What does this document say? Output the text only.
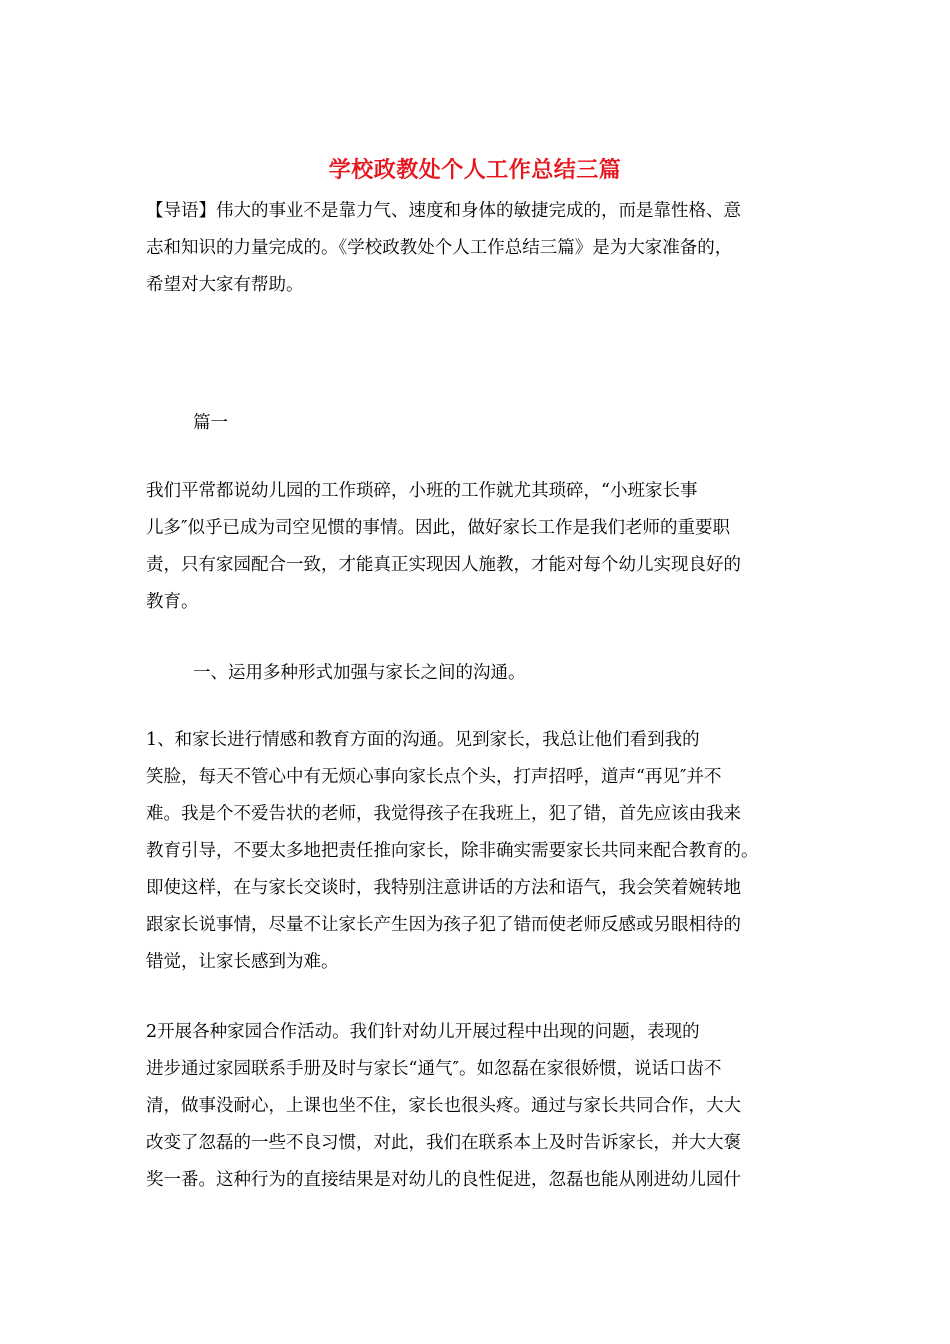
学校政教处个人工作总结三篇
【导语】伟大的事业不是靠力气、速度和身体的敏捷完成的，而是靠性格、意
志和知识的力量完成的。《学校政教处个人工作总结三篇》是为大家准备的，
希望对大家有帮助。
篇一
我们平常都说幼儿园的工作琐碎，小班的工作就尤其琐碎，“小班家长事
儿多″似乎已成为司空见惯的事情。因此，做好家长工作是我们老师的重要职
责，只有家园配合一致，才能真正实现因人施教，才能对每个幼儿实现良好的
教育。
一、运用多种形式加强与家长之间的沟通。
1、和家长进行情感和教育方面的沟通。见到家长，我总让他们看到我的
笑脸，每天不管心中有无烦心事向家长点个头，打声招呼，道声“再见″并不
难。我是个不爱告状的老师，我觉得孩子在我班上，犯了错，首先应该由我来
教育引导，不要太多地把责任推向家长，除非确实需要家长共同来配合教育的。
即使这样，在与家长交谈时，我特别注意讲话的方法和语气，我会笑着婉转地
跟家长说事情，尽量不让家长产生因为孩子犯了错而使老师反感或另眼相待的
错觉，让家长感到为难。
2开展各种家园合作活动。我们针对幼儿开展过程中出现的问题，表现的
进步通过家园联系手册及时与家长“通气″。如忽磊在家很娇惯，说话口齿不
清，做事没耐心，上课也坐不住，家长也很头疼。通过与家长共同合作，大大
改变了忽磊的一些不良习惯，对此，我们在联系本上及时告诉家长，并大大褒
奖一番。这种行为的直接结果是对幼儿的良性促进，忽磊也能从刚进幼儿园什
